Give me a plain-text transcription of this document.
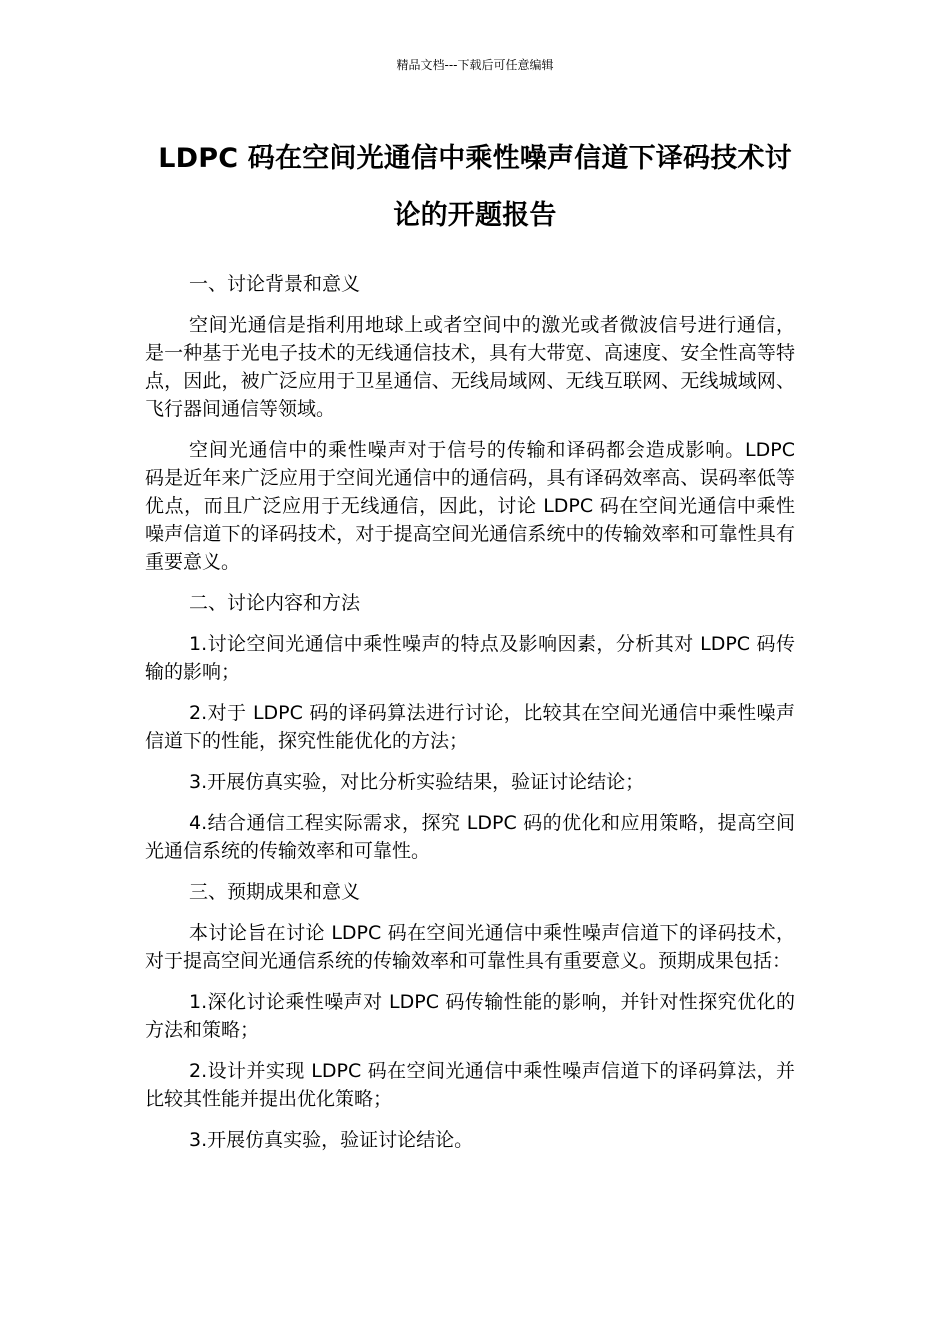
精品文档---下载后可任意编辑
LDPC 码在空间光通信中乘性噪声信道下译码技术讨论的开题报告

一、讨论背景和意义

空间光通信是指利用地球上或者空间中的激光或者微波信号进行通信，是一种基于光电子技术的无线通信技术，具有大带宽、高速度、安全性高等特点，因此，被广泛应用于卫星通信、无线局域网、无线互联网、无线城域网、飞行器间通信等领域。

空间光通信中的乘性噪声对于信号的传输和译码都会造成影响。LDPC 码是近年来广泛应用于空间光通信中的通信码，具有译码效率高、误码率低等优点，而且广泛应用于无线通信，因此，讨论 LDPC 码在空间光通信中乘性噪声信道下的译码技术，对于提高空间光通信系统中的传输效率和可靠性具有重要意义。

二、讨论内容和方法

1.讨论空间光通信中乘性噪声的特点及影响因素，分析其对 LDPC 码传输的影响；

2.对于 LDPC 码的译码算法进行讨论，比较其在空间光通信中乘性噪声信道下的性能，探究性能优化的方法；

3.开展仿真实验，对比分析实验结果，验证讨论结论；

4.结合通信工程实际需求，探究 LDPC 码的优化和应用策略，提高空间光通信系统的传输效率和可靠性。

三、预期成果和意义

本讨论旨在讨论 LDPC 码在空间光通信中乘性噪声信道下的译码技术，对于提高空间光通信系统的传输效率和可靠性具有重要意义。预期成果包括：

1.深化讨论乘性噪声对 LDPC 码传输性能的影响，并针对性探究优化的方法和策略；

2.设计并实现 LDPC 码在空间光通信中乘性噪声信道下的译码算法，并比较其性能并提出优化策略；

3.开展仿真实验，验证讨论结论。
